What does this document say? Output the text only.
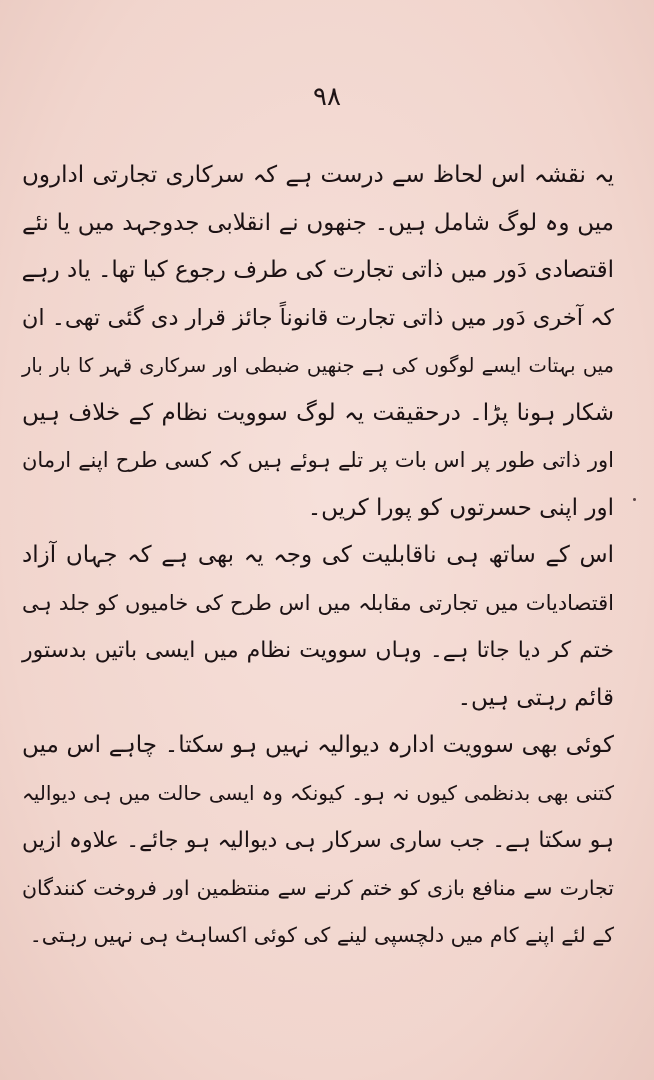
۹۸
یہ نقشہ اس لحاظ سے درست ہے کہ سرکاری تجارتی اداروں
میں وہ لوگ شامل ہیں۔ جنھوں نے انقلابی جدوجہد میں یا نئے
اقتصادی دَور میں ذاتی تجارت کی طرف رجوع کیا تھا۔ یاد رہے
کہ آخری دَور میں ذاتی تجارت قانوناً جائز قرار دی گئی تھی۔ ان
میں بہتات ایسے لوگوں کی ہے جنھیں ضبطی اور سرکاری قہر کا بار بار
شکار ہونا پڑا۔ درحقیقت یہ لوگ سوویت نظام کے خلاف ہیں
اور ذاتی طور پر اس بات پر تلے ہوئے ہیں کہ کسی طرح اپنے ارمان
اور اپنی حسرتوں کو پورا کریں۔
اس کے ساتھ ہی ناقابلیت کی وجہ یہ بھی ہے کہ جہاں آزاد
اقتصادیات میں تجارتی مقابلہ میں اس طرح کی خامیوں کو جلد ہی
ختم کر دیا جاتا ہے۔ وہاں سوویت نظام میں ایسی باتیں بدستور
قائم رہتی ہیں۔
کوئی بھی سوویت ادارہ دیوالیہ نہیں ہو سکتا۔ چاہے اس میں
کتنی بھی بدنظمی کیوں نہ ہو۔ کیونکہ وہ ایسی حالت میں ہی دیوالیہ
ہو سکتا ہے۔ جب ساری سرکار ہی دیوالیہ ہو جائے۔ علاوہ ازیں
تجارت سے منافع بازی کو ختم کرنے سے منتظمین اور فروخت کنندگان
کے لئے اپنے کام میں دلچسپی لینے کی کوئی اکساہٹ ہی نہیں رہتی۔
